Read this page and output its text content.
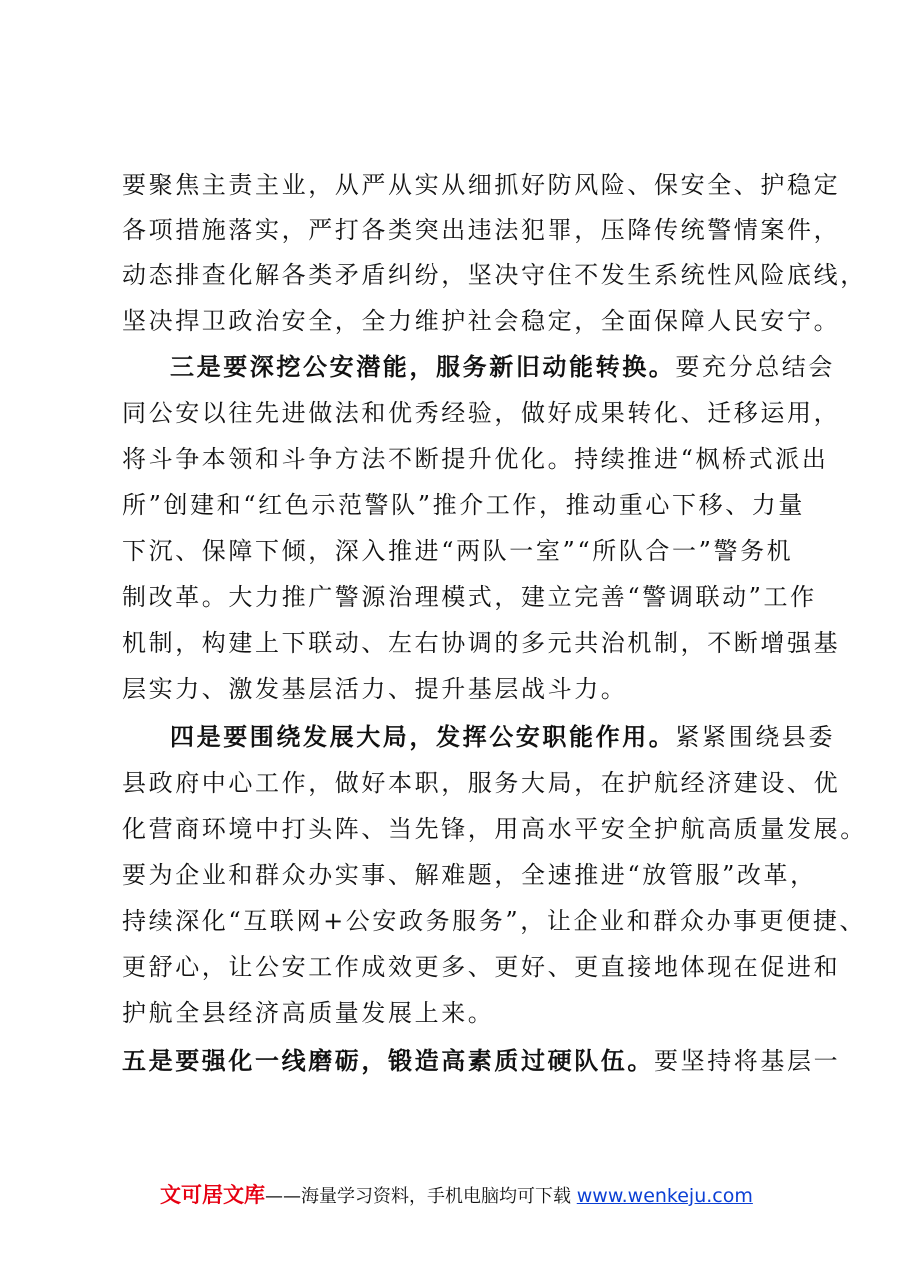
要聚焦主责主业，从严从实从细抓好防风险、保安全、护稳定
各项措施落实，严打各类突出违法犯罪，压降传统警情案件，
动态排查化解各类矛盾纠纷，坚决守住不发生系统性风险底线，
坚决捍卫政治安全，全力维护社会稳定，全面保障人民安宁。
三是要深挖公安潜能，服务新旧动能转换。要充分总结会
同公安以往先进做法和优秀经验，做好成果转化、迁移运用，
将斗争本领和斗争方法不断提升优化。持续推进“枫桥式派出
所”创建和“红色示范警队”推介工作，推动重心下移、力量
下沉、保障下倾，深入推进“两队一室”“所队合一”警务机
制改革。大力推广警源治理模式，建立完善“警调联动”工作
机制，构建上下联动、左右协调的多元共治机制，不断增强基
层实力、激发基层活力、提升基层战斗力。
四是要围绕发展大局，发挥公安职能作用。紧紧围绕县委
县政府中心工作，做好本职，服务大局，在护航经济建设、优
化营商环境中打头阵、当先锋，用高水平安全护航高质量发展。
要为企业和群众办实事、解难题，全速推进“放管服”改革，
持续深化“互联网+公安政务服务”，让企业和群众办事更便捷、
更舒心，让公安工作成效更多、更好、更直接地体现在促进和
护航全县经济高质量发展上来。
五是要强化一线磨砺，锻造高素质过硬队伍。要坚持将基层一
文可居文库——海量学习资料，手机电脑均可下载 www.wenkeju.com
